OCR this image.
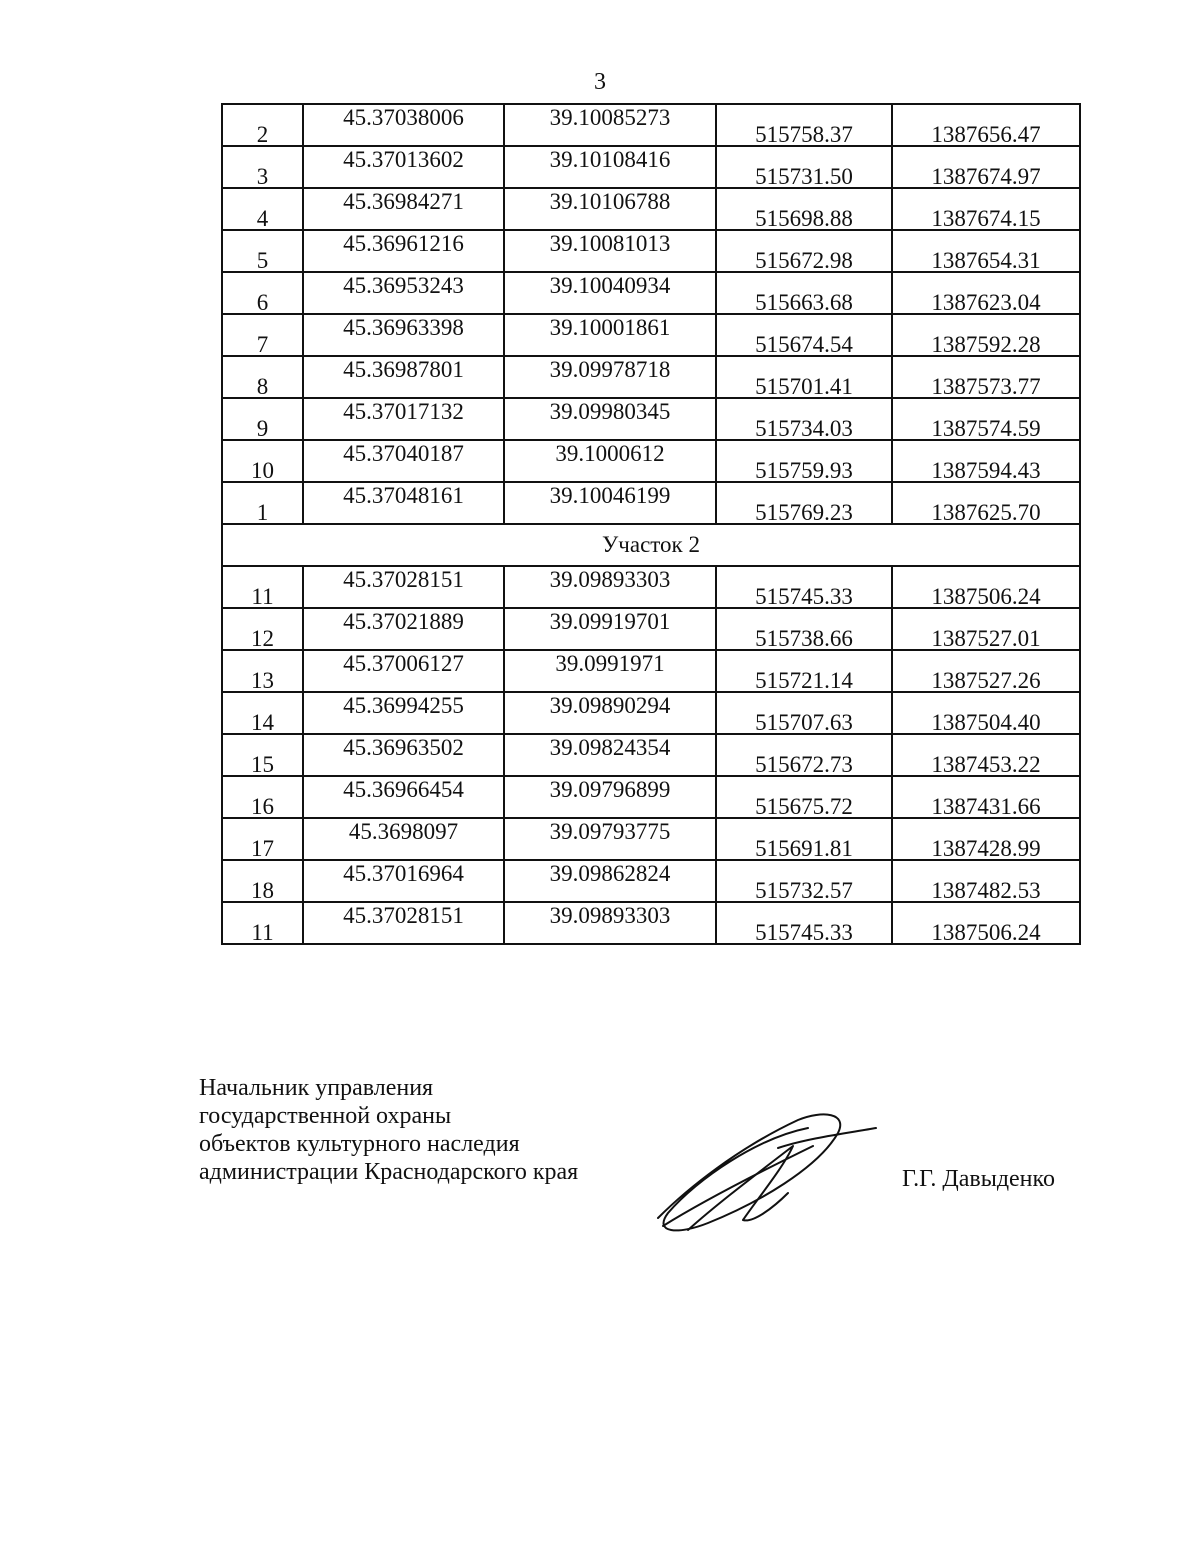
3
2	45.37038006	39.10085273	515758.37	1387656.47

3	45.37013602	39.10108416	515731.50	1387674.97

4	45.36984271	39.10106788	515698.88	1387674.15

5	45.36961216	39.10081013	515672.98	1387654.31

6	45.36953243	39.10040934	515663.68	1387623.04

7	45.36963398	39.10001861	515674.54	1387592.28

8	45.36987801	39.09978718	515701.41	1387573.77

9	45.37017132	39.09980345	515734.03	1387574.59

10	45.37040187	39.1000612	515759.93	1387594.43

1	45.37048161	39.10046199	515769.23	1387625.70

Участок 2				

11	45.37028151	39.09893303	515745.33	1387506.24

12	45.37021889	39.09919701	515738.66	1387527.01

13	45.37006127	39.0991971	515721.14	1387527.26

14	45.36994255	39.09890294	515707.63	1387504.40

15	45.36963502	39.09824354	515672.73	1387453.22

16	45.36966454	39.09796899	515675.72	1387431.66

17	45.3698097	39.09793775	515691.81	1387428.99

18	45.37016964	39.09862824	515732.57	1387482.53

11	45.37028151	39.09893303	515745.33	1387506.24
Начальник управления
государственной охраны
объектов культурного наследия
администрации Краснодарского края	Г.Г. Давыденко
